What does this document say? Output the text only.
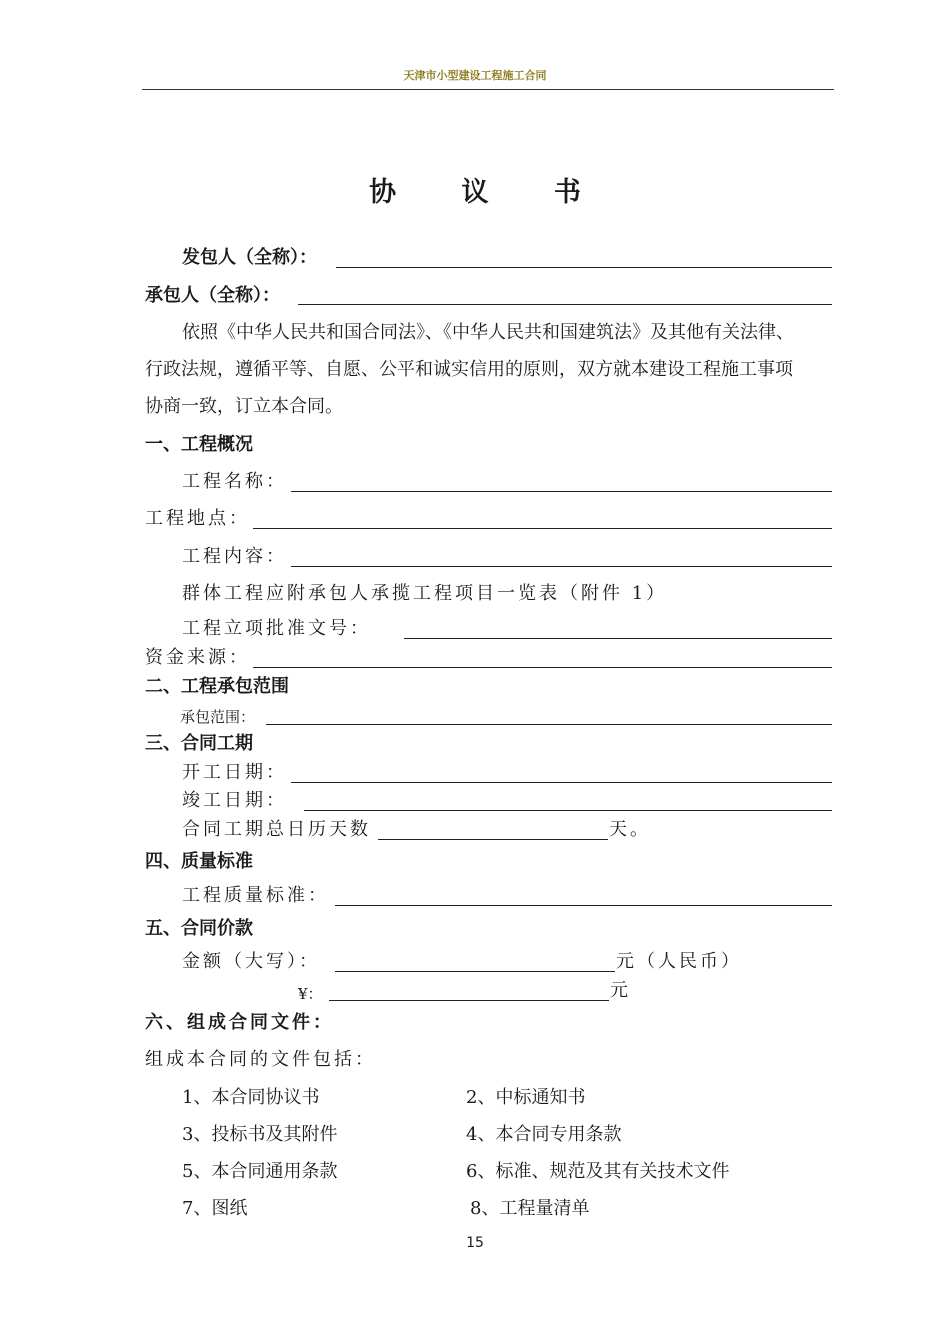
天津市小型建设工程施工合同
协 议 书
发包人（全称）：
承包人（全称）：
依照《中华人民共和国合同法》、《中华人民共和国建筑法》及其他有关法律、
行政法规，遵循平等、自愿、公平和诚实信用的原则，双方就本建设工程施工事项
协商一致，订立本合同。
一、工程概况
工程名称：
工程地点：
工程内容：
群体工程应附承包人承揽工程项目一览表（附件 1）
工程立项批准文号：
资金来源：
二、工程承包范围
承包范围：
三、合同工期
开工日期：
竣工日期：
合同工期总日历天数	天。
四、质量标准
工程质量标准：
五、合同价款
金额（大写）：	元（人民币）
¥：	元
六、组成合同文件：
组成本合同的文件包括：
1、本合同协议书	2、中标通知书
3、投标书及其附件	4、本合同专用条款
5、本合同通用条款	6、标准、规范及其有关技术文件
7、图纸	8、工程量清单
15
